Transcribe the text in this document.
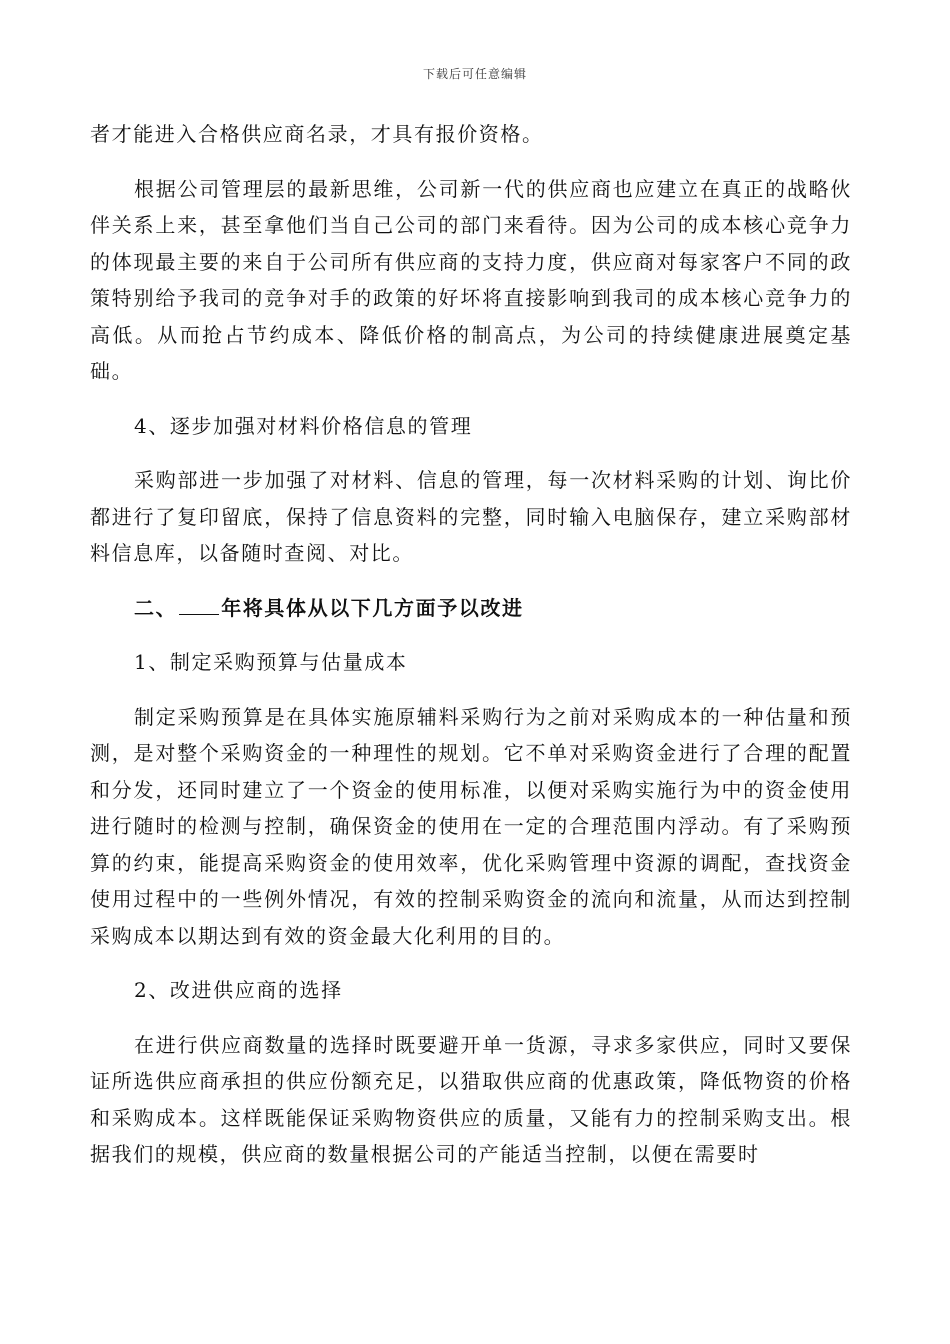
下载后可任意编辑

者才能进入合格供应商名录，才具有报价资格。

根据公司管理层的最新思维，公司新一代的供应商也应建立在真正的战略伙伴关系上来，甚至拿他们当自己公司的部门来看待。因为公司的成本核心竞争力的体现最主要的来自于公司所有供应商的支持力度，供应商对每家客户不同的政策特别给予我司的竞争对手的政策的好坏将直接影响到我司的成本核心竞争力的高低。从而抢占节约成本、降低价格的制高点，为公司的持续健康进展奠定基础。

4、逐步加强对材料价格信息的管理

采购部进一步加强了对材料、信息的管理，每一次材料采购的计划、询比价都进行了复印留底，保持了信息资料的完整，同时输入电脑保存，建立采购部材料信息库，以备随时查阅、对比。

二、 年将具体从以下几方面予以改进

1、制定采购预算与估量成本

制定采购预算是在具体实施原辅料采购行为之前对采购成本的一种估量和预测，是对整个采购资金的一种理性的规划。它不单对采购资金进行了合理的配置和分发，还同时建立了一个资金的使用标准，以便对采购实施行为中的资金使用进行随时的检测与控制，确保资金的使用在一定的合理范围内浮动。有了采购预算的约束，能提高采购资金的使用效率，优化采购管理中资源的调配，查找资金使用过程中的一些例外情况，有效的控制采购资金的流向和流量，从而达到控制采购成本以期达到有效的资金最大化利用的目的。

2、改进供应商的选择

在进行供应商数量的选择时既要避开单一货源，寻求多家供应，同时又要保证所选供应商承担的供应份额充足，以猎取供应商的优惠政策，降低物资的价格和采购成本。这样既能保证采购物资供应的质量，又能有力的控制采购支出。根据我们的规模，供应商的数量根据公司的产能适当控制，以便在需要时
